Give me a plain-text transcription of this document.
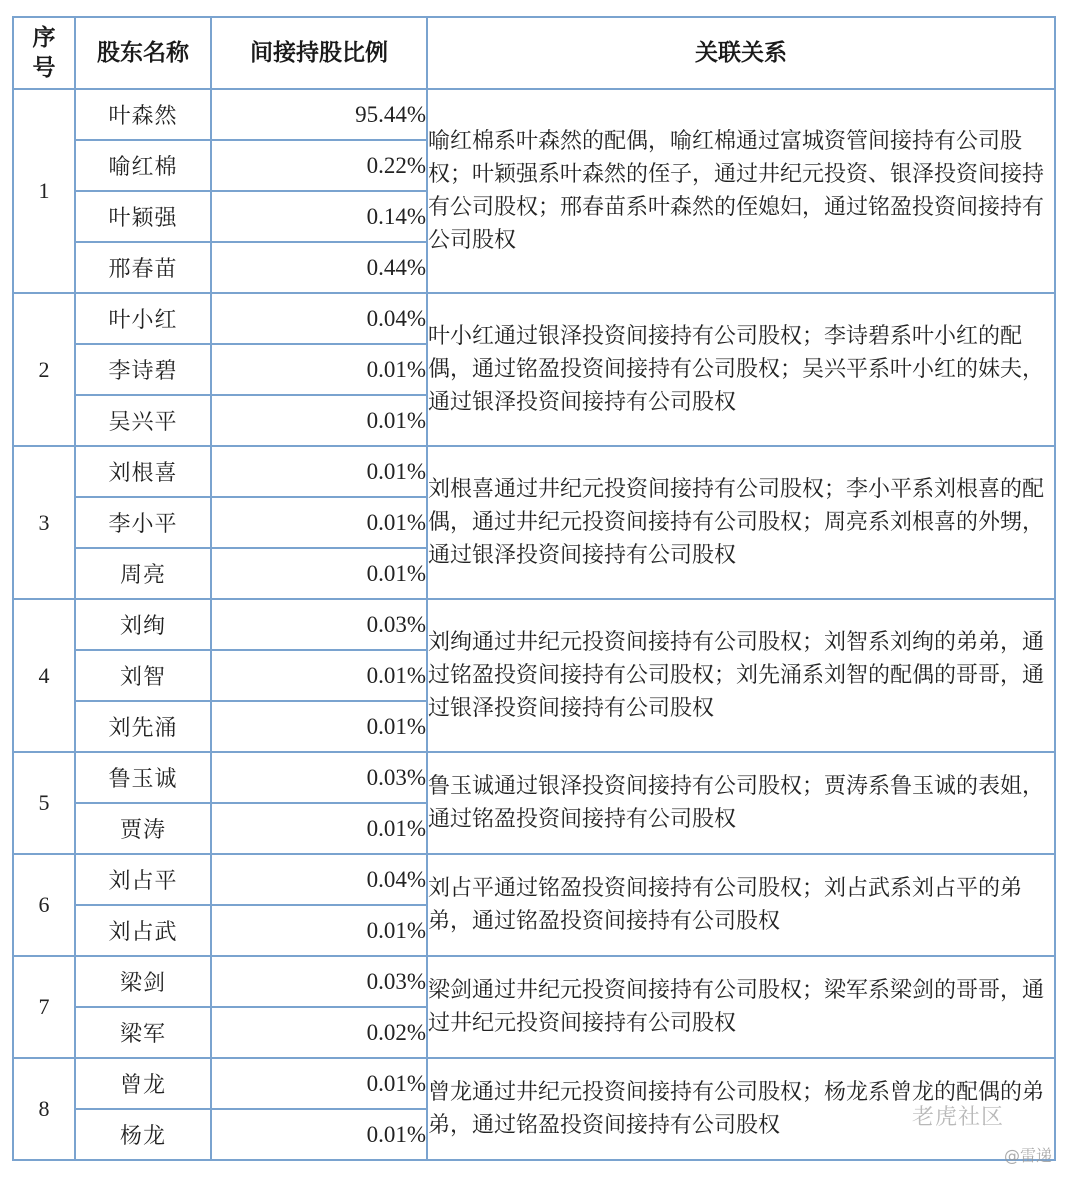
序号	股东名称	间接持股比例	关联关系
1	叶森然	95.44%	喻红棉系叶森然的配偶，喻红棉通过富城资管间接持有公司股权；叶颖强系叶森然的侄子，通过井纪元投资、银泽投资间接持有公司股权；邢春苗系叶森然的侄媳妇，通过铭盈投资间接持有公司股权
	喻红棉	0.22%	
	叶颖强	0.14%	
	邢春苗	0.44%	
2	叶小红	0.04%	叶小红通过银泽投资间接持有公司股权；李诗碧系叶小红的配偶，通过铭盈投资间接持有公司股权；吴兴平系叶小红的妹夫，通过银泽投资间接持有公司股权
	李诗碧	0.01%	
	吴兴平	0.01%	
3	刘根喜	0.01%	刘根喜通过井纪元投资间接持有公司股权；李小平系刘根喜的配偶，通过井纪元投资间接持有公司股权；周亮系刘根喜的外甥，通过银泽投资间接持有公司股权
	李小平	0.01%	
	周亮	0.01%	
4	刘绚	0.03%	刘绚通过井纪元投资间接持有公司股权；刘智系刘绚的弟弟，通过铭盈投资间接持有公司股权；刘先涌系刘智的配偶的哥哥，通过银泽投资间接持有公司股权
	刘智	0.01%	
	刘先涌	0.01%	
5	鲁玉诚	0.03%	鲁玉诚通过银泽投资间接持有公司股权；贾涛系鲁玉诚的表姐，通过铭盈投资间接持有公司股权
	贾涛	0.01%	
6	刘占平	0.04%	刘占平通过铭盈投资间接持有公司股权；刘占武系刘占平的弟弟，通过铭盈投资间接持有公司股权
	刘占武	0.01%	
7	梁剑	0.03%	梁剑通过井纪元投资间接持有公司股权；梁军系梁剑的哥哥，通过井纪元投资间接持有公司股权
	梁军	0.02%	
8	曾龙	0.01%	曾龙通过井纪元投资间接持有公司股权；杨龙系曾龙的配偶的弟弟，通过铭盈投资间接持有公司股权
	杨龙	0.01%	
老虎社区
@雷递
